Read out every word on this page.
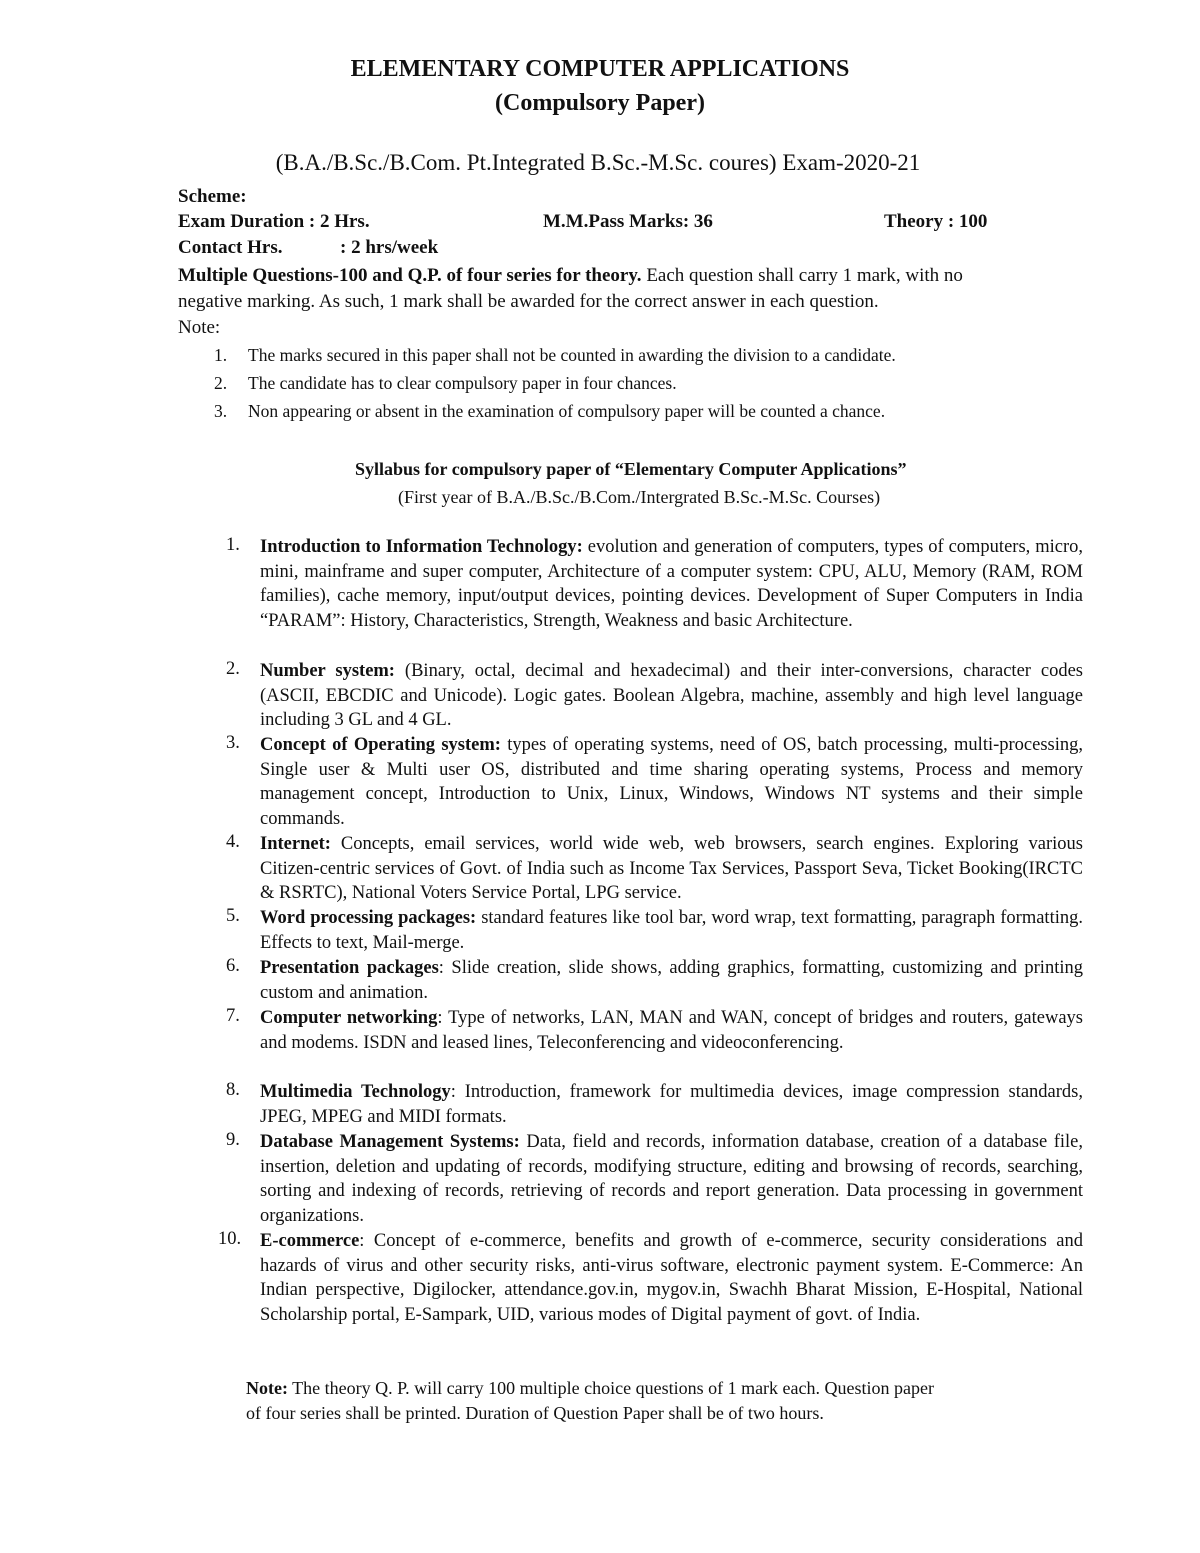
ELEMENTARY COMPUTER APPLICATIONS
(Compulsory Paper)
(B.A./B.Sc./B.Com. Pt.Integrated B.Sc.-M.Sc. coures) Exam-2020-21
Scheme:
Exam Duration : 2 Hrs.	M.M.Pass Marks: 36	Theory : 100
Contact Hrs.	: 2 hrs/week
Multiple Questions-100 and Q.P. of four series for theory. Each question shall carry 1 mark, with no
negative marking. As such, 1 mark shall be awarded for the correct answer in each question.
Note:
1. The marks secured in this paper shall not be counted in awarding the division to a candidate.
2. The candidate has to clear compulsory paper in four chances.
3. Non appearing or absent in the examination of compulsory paper will be counted a chance.
Syllabus for compulsory paper of “Elementary Computer Applications”
(First year of B.A./B.Sc./B.Com./Intergrated B.Sc.-M.Sc. Courses)
1. Introduction to Information Technology: evolution and generation of computers, types of computers, micro, mini, mainframe and super computer, Architecture of a computer system: CPU, ALU, Memory (RAM, ROM families), cache memory, input/output devices, pointing devices. Development of Super Computers in India “PARAM”: History, Characteristics, Strength, Weakness and basic Architecture.
2. Number system: (Binary, octal, decimal and hexadecimal) and their inter-conversions, character codes (ASCII, EBCDIC and Unicode). Logic gates. Boolean Algebra, machine, assembly and high level language including 3 GL and 4 GL.
3. Concept of Operating system: types of operating systems, need of OS, batch processing, multi-processing, Single user & Multi user OS, distributed and time sharing operating systems, Process and memory management concept, Introduction to Unix, Linux, Windows, Windows NT systems and their simple commands.
4. Internet: Concepts, email services, world wide web, web browsers, search engines. Exploring various Citizen-centric services of Govt. of India such as Income Tax Services, Passport Seva, Ticket Booking(IRCTC & RSRTC), National Voters Service Portal, LPG service.
5. Word processing packages: standard features like tool bar, word wrap, text formatting, paragraph formatting. Effects to text, Mail-merge.
6. Presentation packages: Slide creation, slide shows, adding graphics, formatting, customizing and printing custom and animation.
7. Computer networking: Type of networks, LAN, MAN and WAN, concept of bridges and routers, gateways and modems. ISDN and leased lines, Teleconferencing and videoconferencing.
8. Multimedia Technology: Introduction, framework for multimedia devices, image compression standards, JPEG, MPEG and MIDI formats.
9. Database Management Systems: Data, field and records, information database, creation of a database file, insertion, deletion and updating of records, modifying structure, editing and browsing of records, searching, sorting and indexing of records, retrieving of records and report generation. Data processing in government organizations.
10. E-commerce: Concept of e-commerce, benefits and growth of e-commerce, security considerations and hazards of virus and other security risks, anti-virus software, electronic payment system. E-Commerce: An Indian perspective, Digilocker, attendance.gov.in, mygov.in, Swachh Bharat Mission, E-Hospital, National Scholarship portal, E-Sampark, UID, various modes of Digital payment of govt. of India.
Note: The theory Q. P. will carry 100 multiple choice questions of 1 mark each. Question paper
of four series shall be printed. Duration of Question Paper shall be of two hours.
